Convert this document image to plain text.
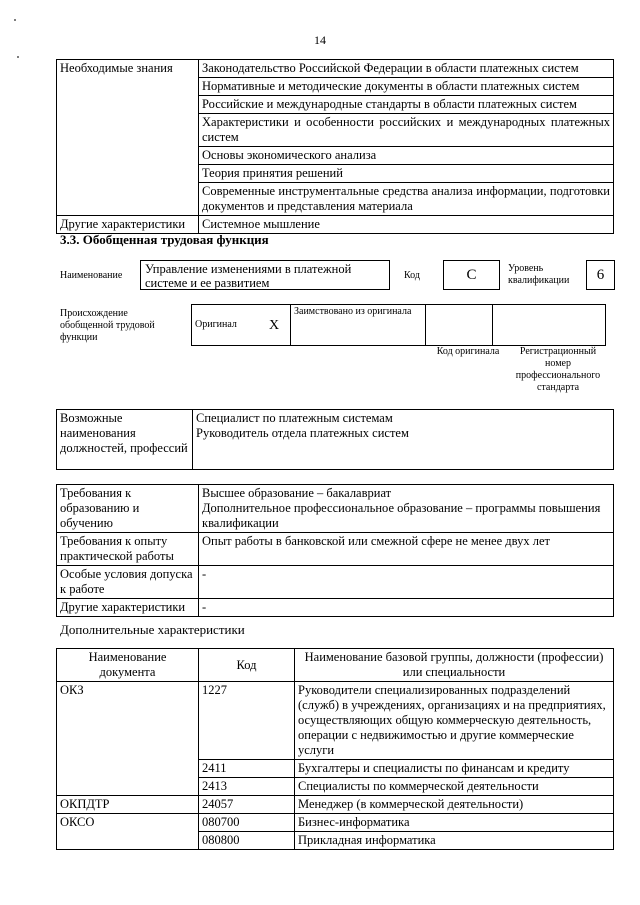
14
Необходимые знания	Законодательство Российской Федерации в области платежных систем
	Нормативные и методические документы в области платежных систем
	Российские и международные стандарты в области платежных систем
	Характеристики и особенности российских и международных платежных систем
	Основы экономического анализа
	Теория принятия решений
	Современные инструментальные средства анализа информации, подготовки документов и представления материала
Другие характеристики	Системное мышление
3.3. Обобщенная трудовая функция
Наименование	Управление изменениями в платежной системе и ее развитием
Код	C	Уровень квалификации	6
Происхождение обобщенной трудовой функции
Оригинал	X	Заимствовано из оригинала		
Код оригинала	Регистрационный номер профессионального стандарта
Возможные наименования должностей, профессий	
Специалист по платежным системам
Руководитель отдела платежных систем
Требования к образованию и обучению	Высшее образование – бакалавриат
Дополнительное профессиональное образование – программы повышения квалификации

Требования к опыту практической работы	Опыт работы в банковской или смежной сфере не менее двух лет
Особые условия допуска к работе	-
Другие характеристики	-
Дополнительные характеристики
Наименование документа	Код	Наименование базовой группы, должности (профессии) или специальности
ОКЗ	1227	Руководители специализированных подразделений (служб) в учреждениях, организациях и на предприятиях, осуществляющих общую коммерческую деятельность, операции с недвижимостью и другие коммерческие услуги
	2411	Бухгалтеры и специалисты по финансам и кредиту
	2413	Специалисты по коммерческой деятельности
ОКПДТР	24057	Менеджер (в коммерческой деятельности)
ОКСО	080700	Бизнес-информатика
	080800	Прикладная информатика
